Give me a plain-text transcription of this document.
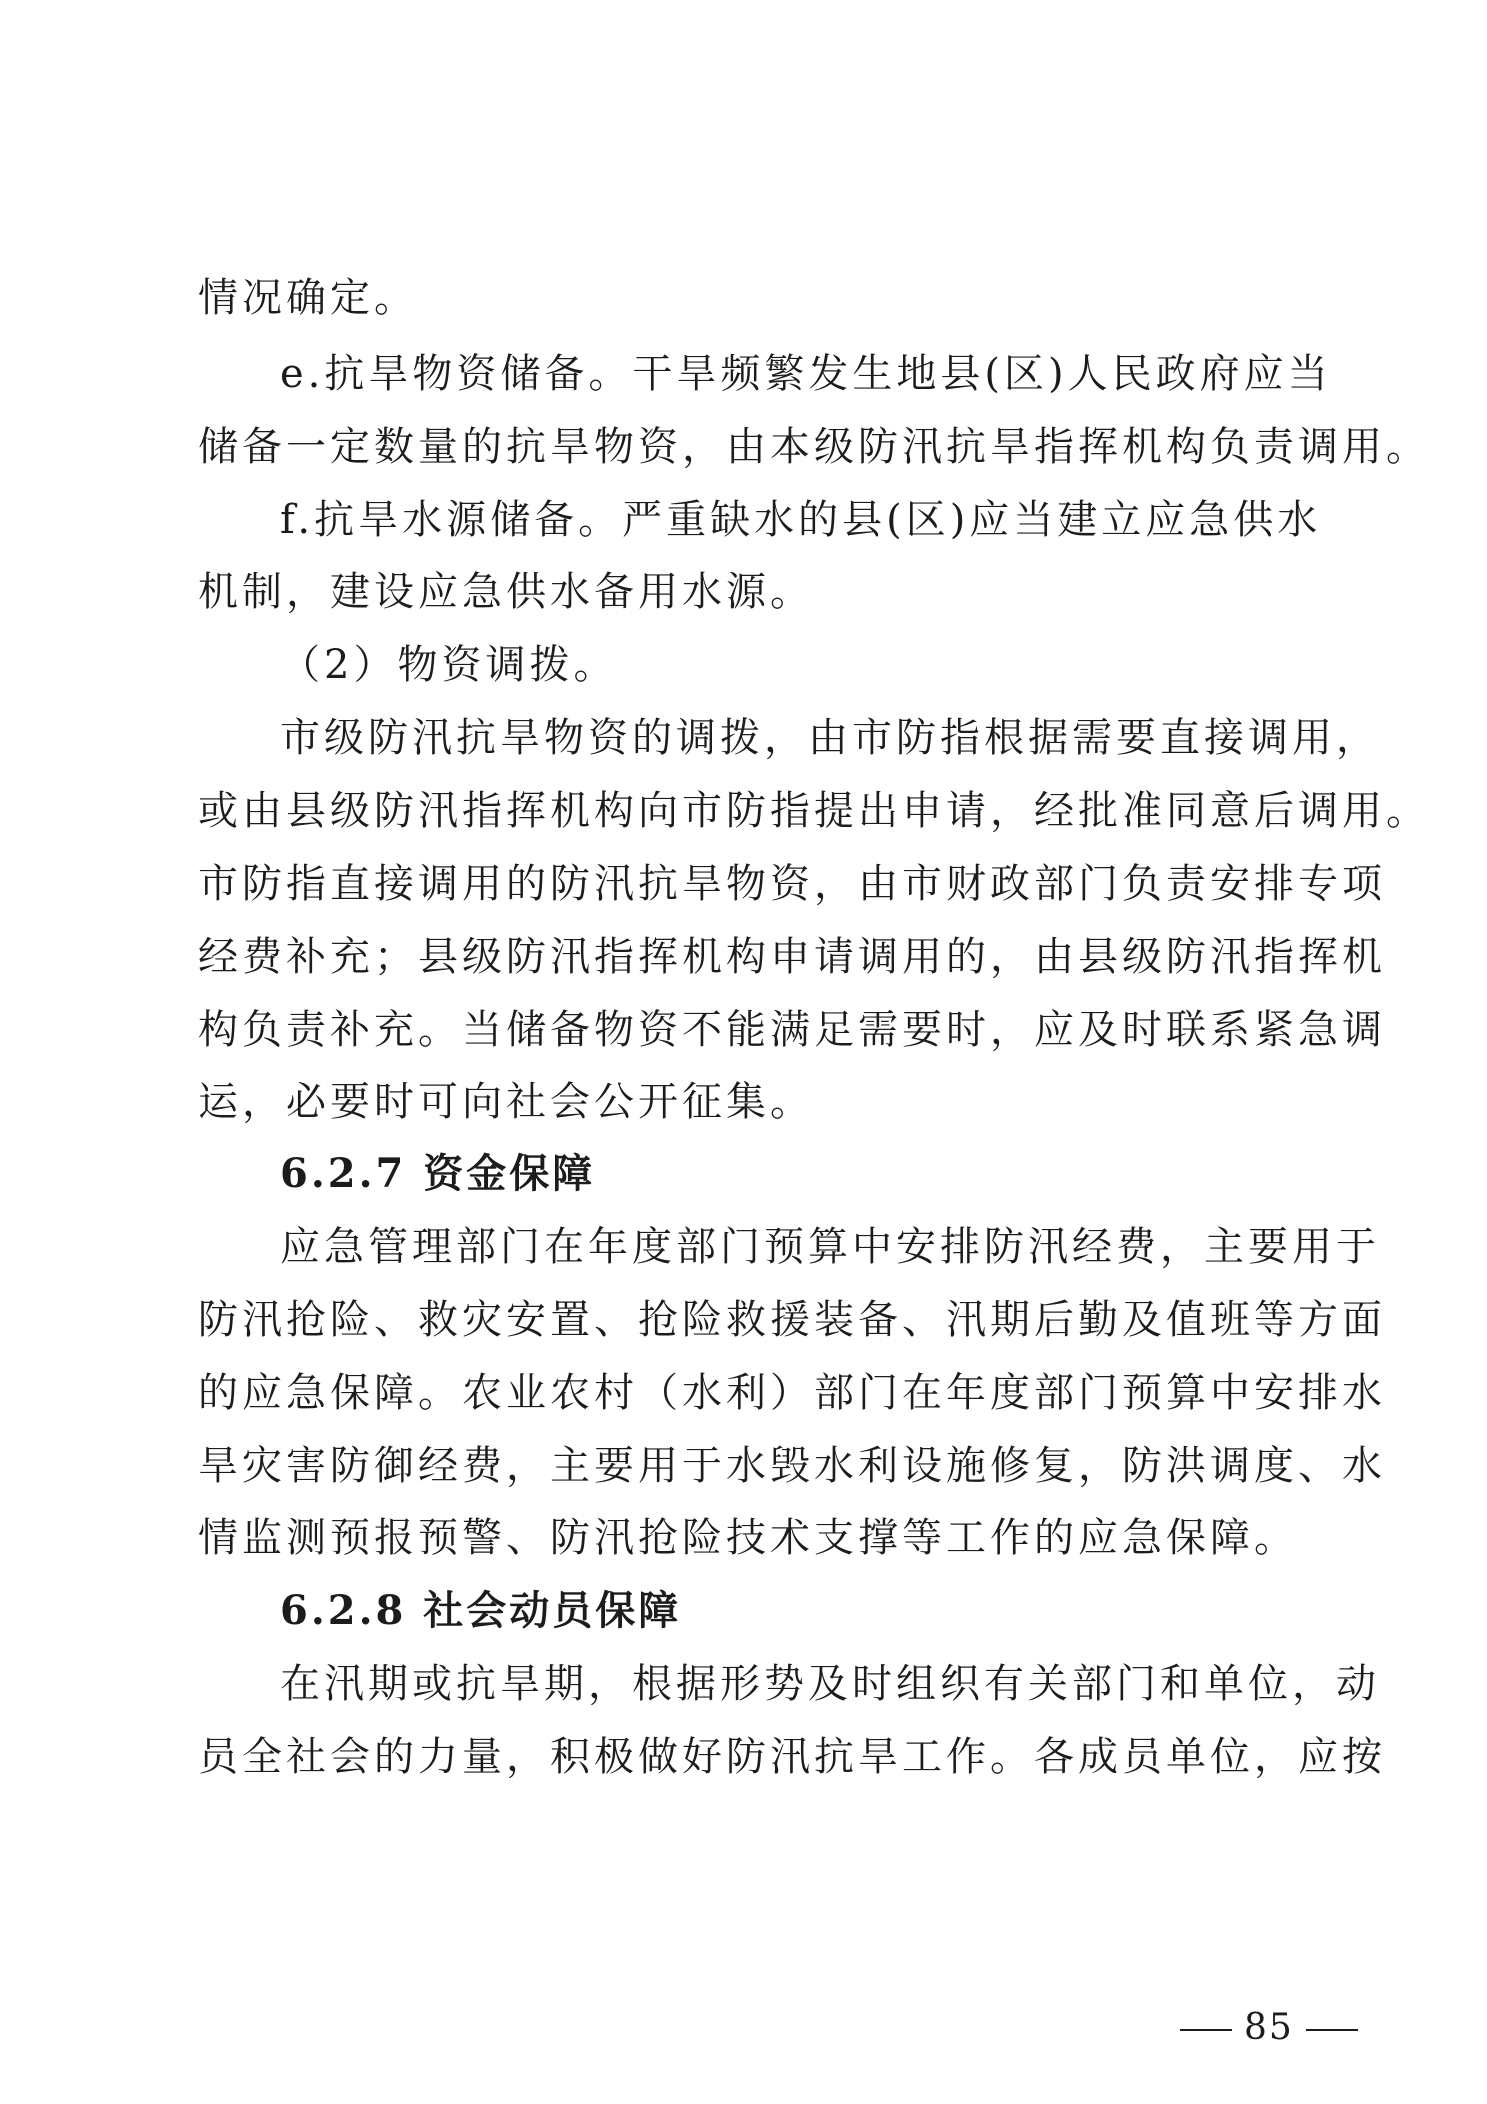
情况确定。
e.抗旱物资储备。干旱频繁发生地县(区)人民政府应当
储备一定数量的抗旱物资，由本级防汛抗旱指挥机构负责调用。
f.抗旱水源储备。严重缺水的县(区)应当建立应急供水
机制，建设应急供水备用水源。
（2）物资调拨。
市级防汛抗旱物资的调拨，由市防指根据需要直接调用，
或由县级防汛指挥机构向市防指提出申请，经批准同意后调用。
市防指直接调用的防汛抗旱物资，由市财政部门负责安排专项
经费补充；县级防汛指挥机构申请调用的，由县级防汛指挥机
构负责补充。当储备物资不能满足需要时，应及时联系紧急调
运，必要时可向社会公开征集。
6.2.7 资金保障
应急管理部门在年度部门预算中安排防汛经费，主要用于
防汛抢险、救灾安置、抢险救援装备、汛期后勤及值班等方面
的应急保障。农业农村（水利）部门在年度部门预算中安排水
旱灾害防御经费，主要用于水毁水利设施修复，防洪调度、水
情监测预报预警、防汛抢险技术支撑等工作的应急保障。
6.2.8 社会动员保障
在汛期或抗旱期，根据形势及时组织有关部门和单位，动
员全社会的力量，积极做好防汛抗旱工作。各成员单位，应按
85
